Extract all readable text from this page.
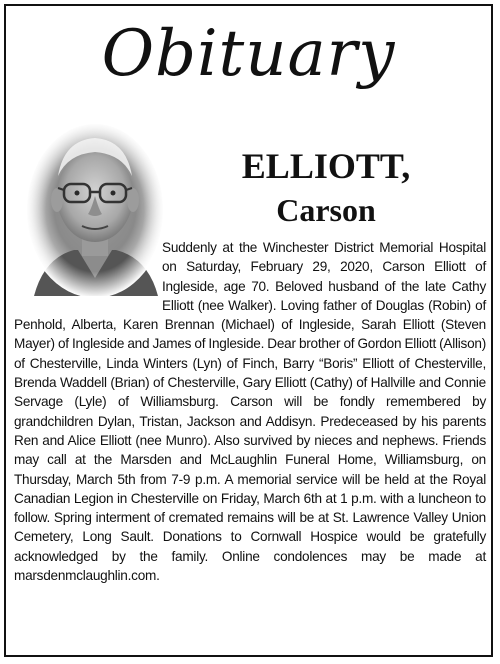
Obituary
ELLIOTT,
Carson
Suddenly at the Winchester District Memorial Hospital on Saturday, February 29, 2020, Carson Elliott of Ingleside, age 70. Beloved husband of the late Cathy Elliott (nee Walker). Loving father of Douglas (Robin) of Penhold, Alberta, Karen Brennan (Michael) of Ingleside, Sarah Elliott (Steven Mayer) of Ingleside and James of Ingleside. Dear brother of Gordon Elliott (Allison) of Chesterville, Linda Winters (Lyn) of Finch, Barry “Boris” Elliott of Chesterville, Brenda Waddell (Brian) of Chesterville, Gary Elliott (Cathy) of Hallville and Connie Servage (Lyle) of Williamsburg. Carson will be fondly remembered by grandchildren Dylan, Tristan, Jackson and Addisyn. Predeceased by his parents Ren and Alice Elliott (nee Munro). Also survived by nieces and nephews. Friends may call at the Marsden and McLaughlin Funeral Home, Williamsburg, on Thursday, March 5th from 7-9 p.m. A memorial service will be held at the Royal Canadian Legion in Chesterville on Friday, March 6th at 1 p.m. with a luncheon to follow. Spring interment of cremated remains will be at St. Lawrence Valley Union Cemetery, Long Sault. Donations to Cornwall Hospice would be gratefully acknowledged by the family. Online condolences may be made at marsdenmclaughlin.com.
